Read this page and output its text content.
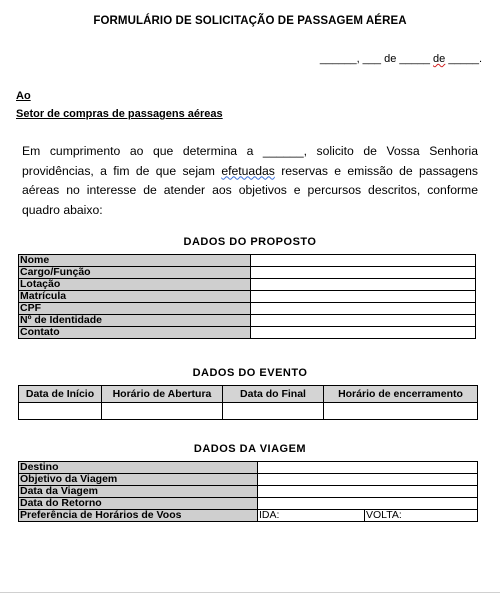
FORMULÁRIO DE SOLICITAÇÃO DE PASSAGEM AÉREA
______, ___ de _____ de _____.
Ao
Setor de compras de passagens aéreas
Em cumprimento ao que determina a ______, solicito de Vossa Senhoria providências, a fim de que sejam efetuadas reservas e emissão de passagens aéreas no interesse de atender aos objetivos e percursos descritos, conforme quadro abaixo:
DADOS DO PROPOSTO
Nome	
Cargo/Função	
Lotação	
Matrícula	
CPF	
Nº de Identidade	
Contato	
DADOS DO EVENTO
Data de Início	Horário de Abertura	Data do Final	Horário de encerramento

DADOS DA VIAGEM
Destino		
Objetivo da Viagem		
Data da Viagem		
Data do Retorno		
Preferência de Horários de Voos	IDA:	VOLTA:
